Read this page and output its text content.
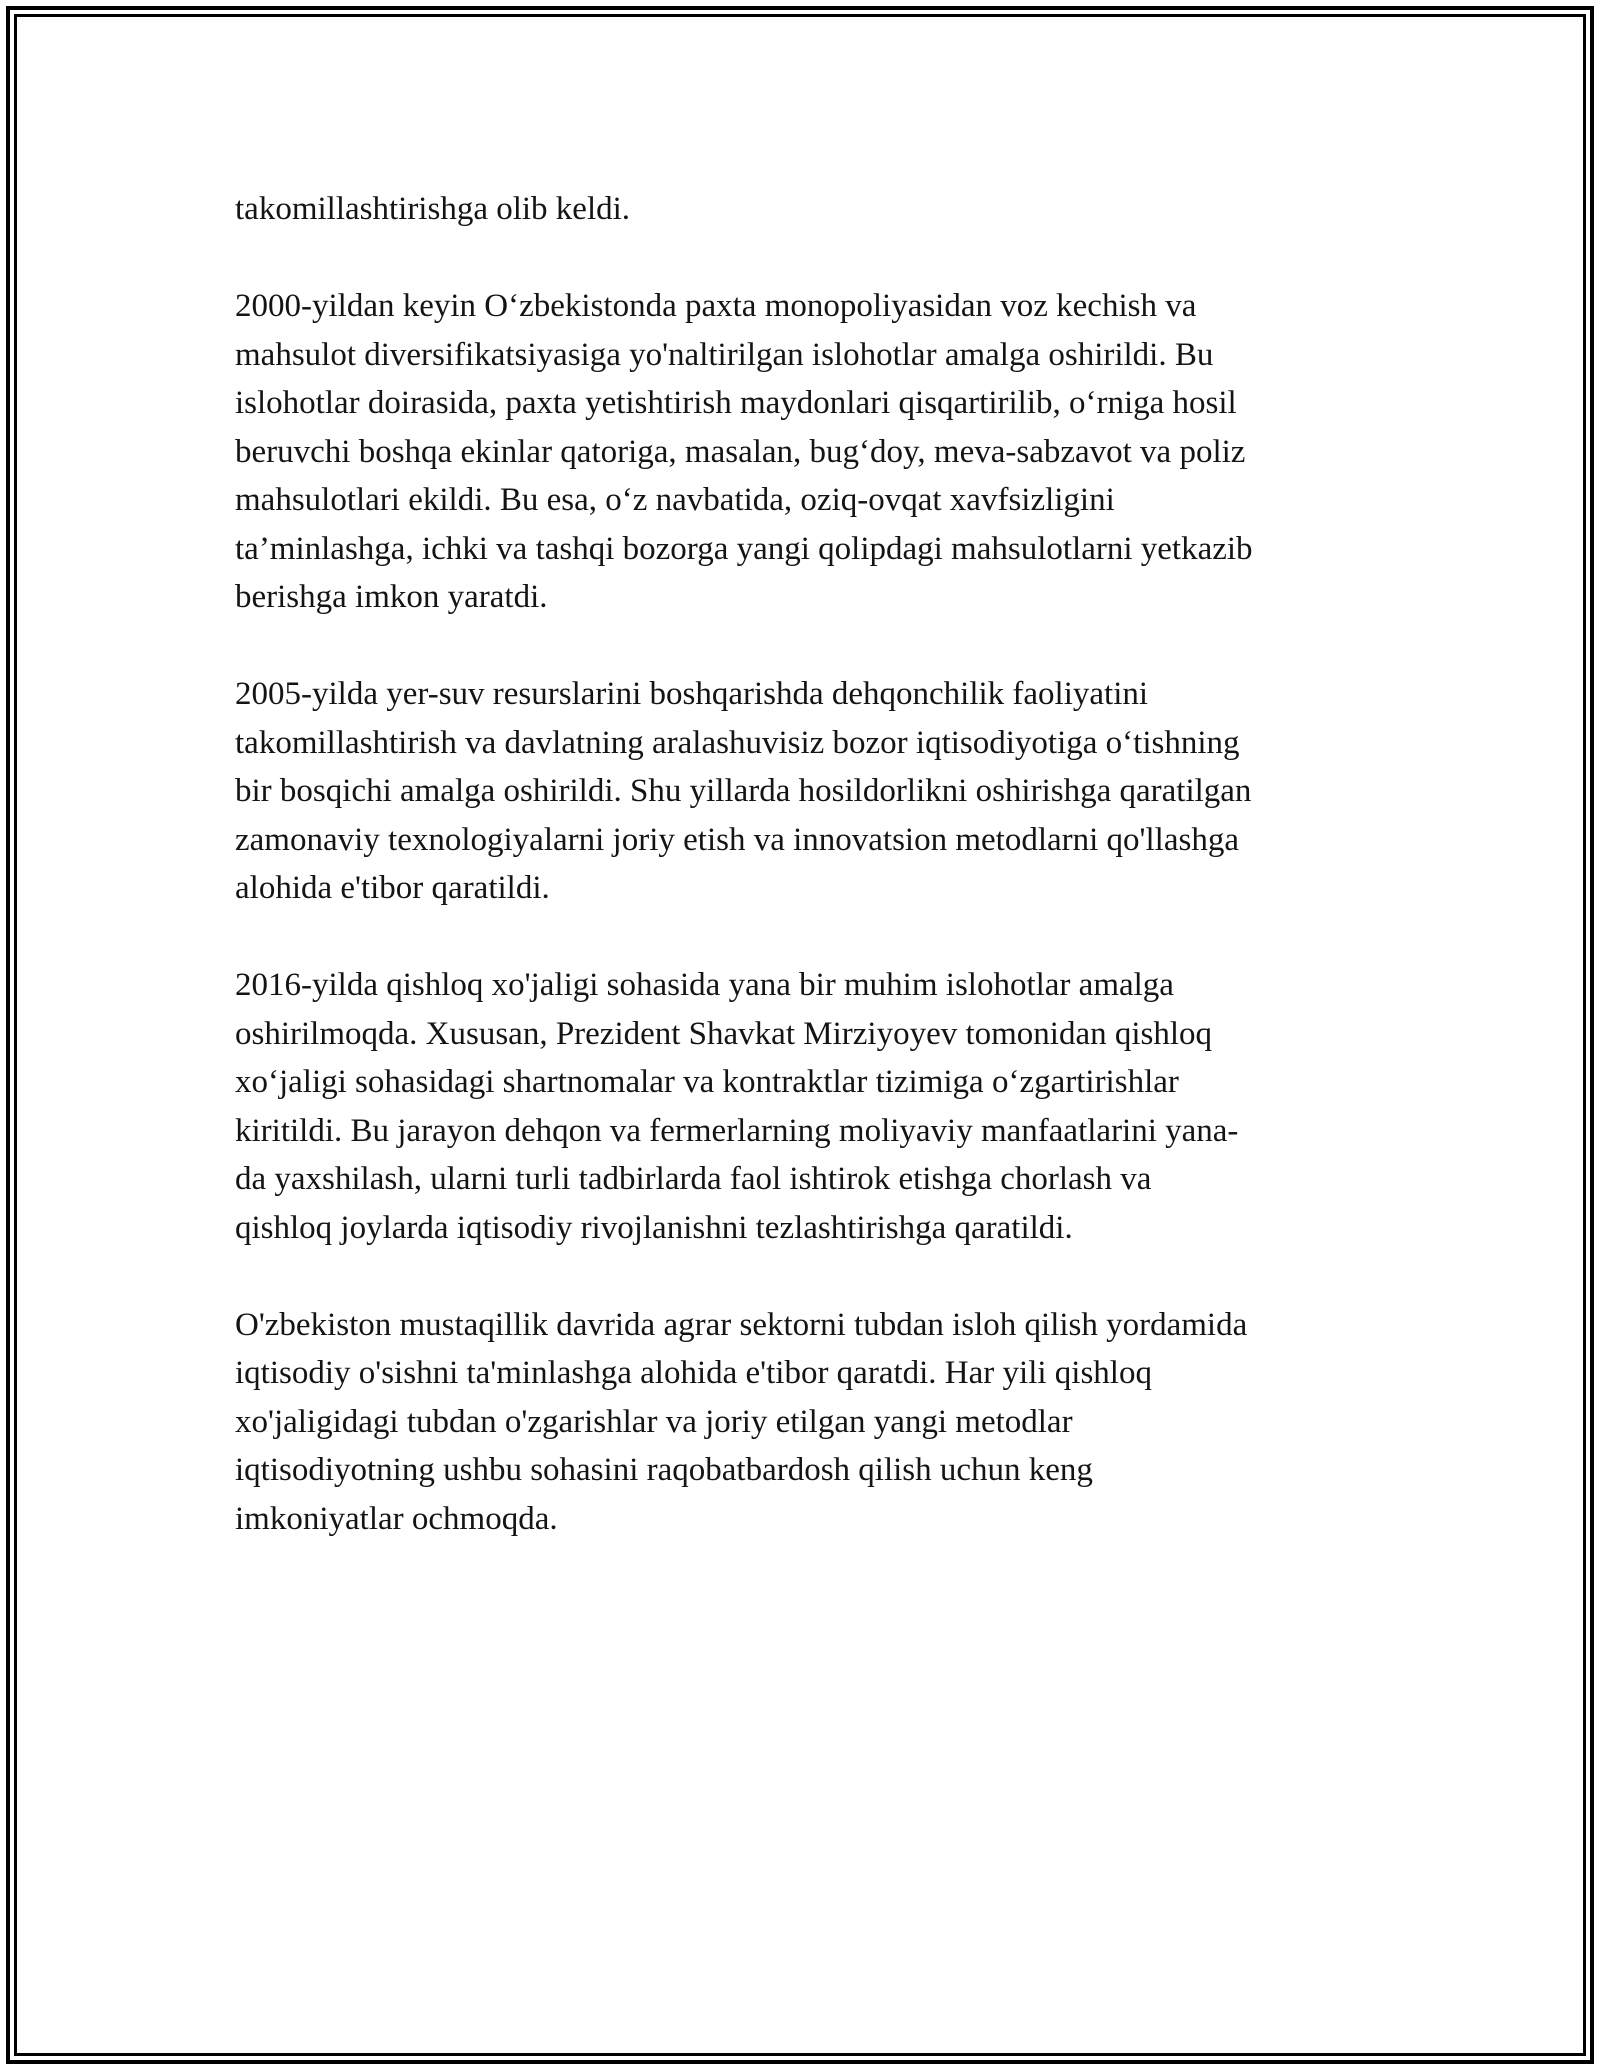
takomillashtirishga olib keldi.

2000-yildan keyin O‘zbekistonda paxta monopoliyasidan voz kechish va
mahsulot diversifikatsiyasiga yo'naltirilgan islohotlar amalga oshirildi. Bu
islohotlar doirasida, paxta yetishtirish maydonlari qisqartirilib, o‘rniga hosil
beruvchi boshqa ekinlar qatoriga, masalan, bug‘doy, meva-sabzavot va poliz
mahsulotlari ekildi. Bu esa, o‘z navbatida, oziq-ovqat xavfsizligini
ta’minlashga, ichki va tashqi bozorga yangi qolipdagi mahsulotlarni yetkazib
berishga imkon yaratdi.

2005-yilda yer-suv resurslarini boshqarishda dehqonchilik faoliyatini
takomillashtirish va davlatning aralashuvisiz bozor iqtisodiyotiga o‘tishning
bir bosqichi amalga oshirildi. Shu yillarda hosildorlikni oshirishga qaratilgan
zamonaviy texnologiyalarni joriy etish va innovatsion metodlarni qo'llashga
alohida e'tibor qaratildi.

2016-yilda qishloq xo'jaligi sohasida yana bir muhim islohotlar amalga
oshirilmoqda. Xususan, Prezident Shavkat Mirziyoyev tomonidan qishloq
xo‘jaligi sohasidagi shartnomalar va kontraktlar tizimiga o‘zgartirishlar
kiritildi. Bu jarayon dehqon va fermerlarning moliyaviy manfaatlarini yana-
da yaxshilash, ularni turli tadbirlarda faol ishtirok etishga chorlash va
qishloq joylarda iqtisodiy rivojlanishni tezlashtirishga qaratildi.

O'zbekiston mustaqillik davrida agrar sektorni tubdan isloh qilish yordamida
iqtisodiy o'sishni ta'minlashga alohida e'tibor qaratdi. Har yili qishloq
xo'jaligidagi tubdan o'zgarishlar va joriy etilgan yangi metodlar
iqtisodiyotning ushbu sohasini raqobatbardosh qilish uchun keng
imkoniyatlar ochmoqda.
